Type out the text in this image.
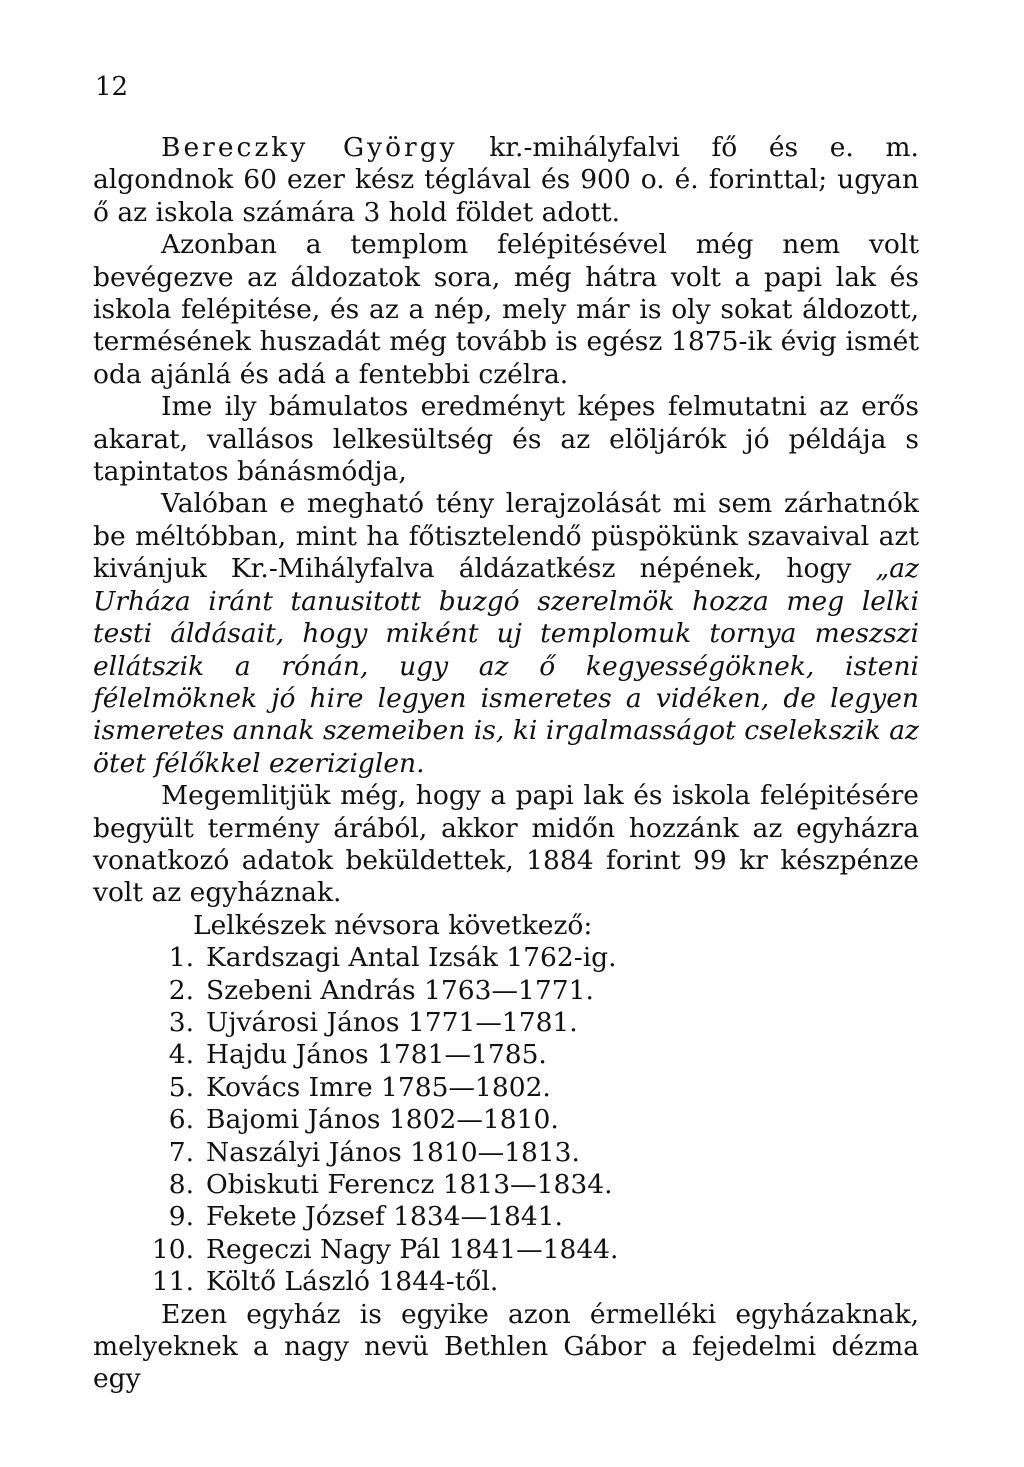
12

Bereczky György kr.-mihályfalvi fő és e. m. algondnok 60 ezer kész téglával és 900 o. é. forinttal; ugyan ő az iskola számára 3 hold földet adott.

Azonban a templom felépitésével még nem volt bevégezve az áldozatok sora, még hátra volt a papi lak és iskola felépitése, és az a nép, mely már is oly sokat áldozott, termésének huszadát még tovább is egész 1875-ik évig ismét oda ajánlá és adá a fentebbi czélra.

Ime ily bámulatos eredményt képes felmutatni az erős akarat, vallásos lelkesültség és az elöljárók jó példája s tapintatos bánásmódja,

Valóban e megható tény lerajzolását mi sem zárhatnók be méltóbban, mint ha főtisztelendő püspökünk szavaival azt kivánjuk Kr.-Mihályfalva áldázatkész népének, hogy „az Urháza iránt tanusitott buzgó szerelmök hozza meg lelki testi áldásait, hogy miként uj templomuk tornya meszszi ellátszik a rónán, ugy az ő kegyességöknek, isteni félelmöknek jó hire legyen ismeretes a vidéken, de legyen ismeretes annak szemeiben is, ki irgalmasságot cselekszik az ötet félőkkel ezeriziglen.

Megemlitjük még, hogy a papi lak és iskola felépitésére begyült termény árából, akkor midőn hozzánk az egyházra vonatkozó adatok beküldettek, 1884 forint 99 kr készpénze volt az egyháznak.

Lelkészek névsora következő:
1. Kardszagi Antal Izsák 1762-ig.
2. Szebeni András 1763—1771.
3. Ujvárosi János 1771—1781.
4. Hajdu János 1781—1785.
5. Kovács Imre 1785—1802.
6. Bajomi János 1802—1810.
7. Naszályi János 1810—1813.
8. Obiskuti Ferencz 1813—1834.
9. Fekete József 1834—1841.
10. Regeczi Nagy Pál 1841—1844.
11. Költő László 1844-től.

Ezen egyház is egyike azon érmelléki egyházaknak, melyeknek a nagy nevü Bethlen Gábor a fejedelmi dézma egy
